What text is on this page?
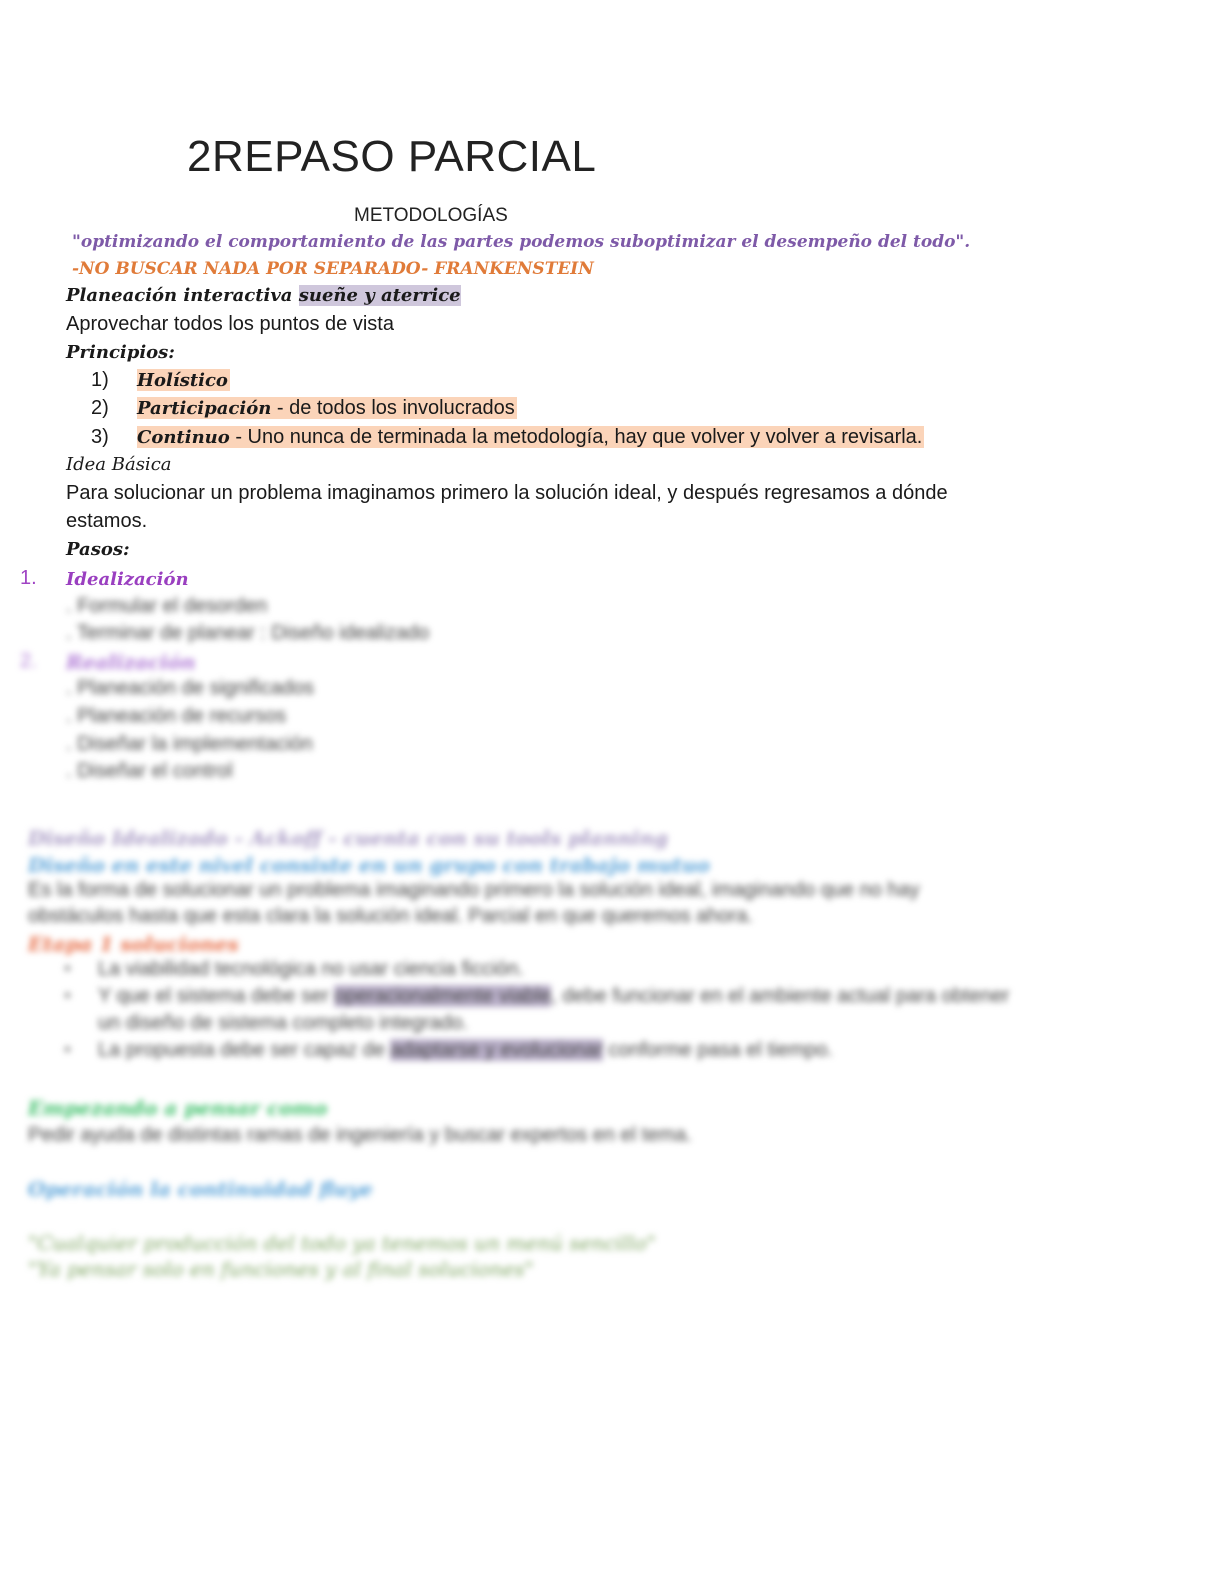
2REPASO PARCIAL
METODOLOGÍAS
"optimizando el comportamiento de las partes podemos suboptimizar el desempeño del todo".
-NO BUSCAR NADA POR SEPARADO- FRANKENSTEIN
Planeación interactiva sueñe y aterrice
Aprovechar todos los puntos de vista
Principios:
1) Holístico
2) Participación - de todos los involucrados
3) Continuo - Uno nunca de terminada la metodología, hay que volver y volver a revisarla.
Idea Básica
Para solucionar un problema imaginamos primero la solución ideal, y después regresamos a dónde
estamos.
Pasos:
1. Idealización
. Formular el desorden
. Terminar de planear : Diseño idealizado
2. Realización
. Planeación de significados
. Planeación de recursos
. Diseñar la implementación
. Diseñar el control
Diseño Idealizado - Ackoff - cuenta con su tools planning
Diseño en este nivel consiste en un grupo con trabajo mutuo
Es la forma de solucionar un problema imaginando primero la solución ideal, imaginando que no hay
obstáculos hasta que esta clara la solución ideal. Parcial en que queremos ahora.
Etapa 1 soluciones
• La viabilidad tecnológica no usar ciencia ficción.
• Y que el sistema debe ser operacionalmente viable, debe funcionar en el ambiente actual para obtener
un diseño de sistema completo integrado.
• La propuesta debe ser capaz de adaptarse y evolucionar conforme pasa el tiempo.
Empezando a pensar como
Pedir ayuda de distintas ramas de ingeniería y buscar expertos en el tema.
Operación la continuidad fluye
"Cualquier producción del todo ya tenemos un menú sencillo"
"Ya pensar solo en funciones y al final soluciones"
